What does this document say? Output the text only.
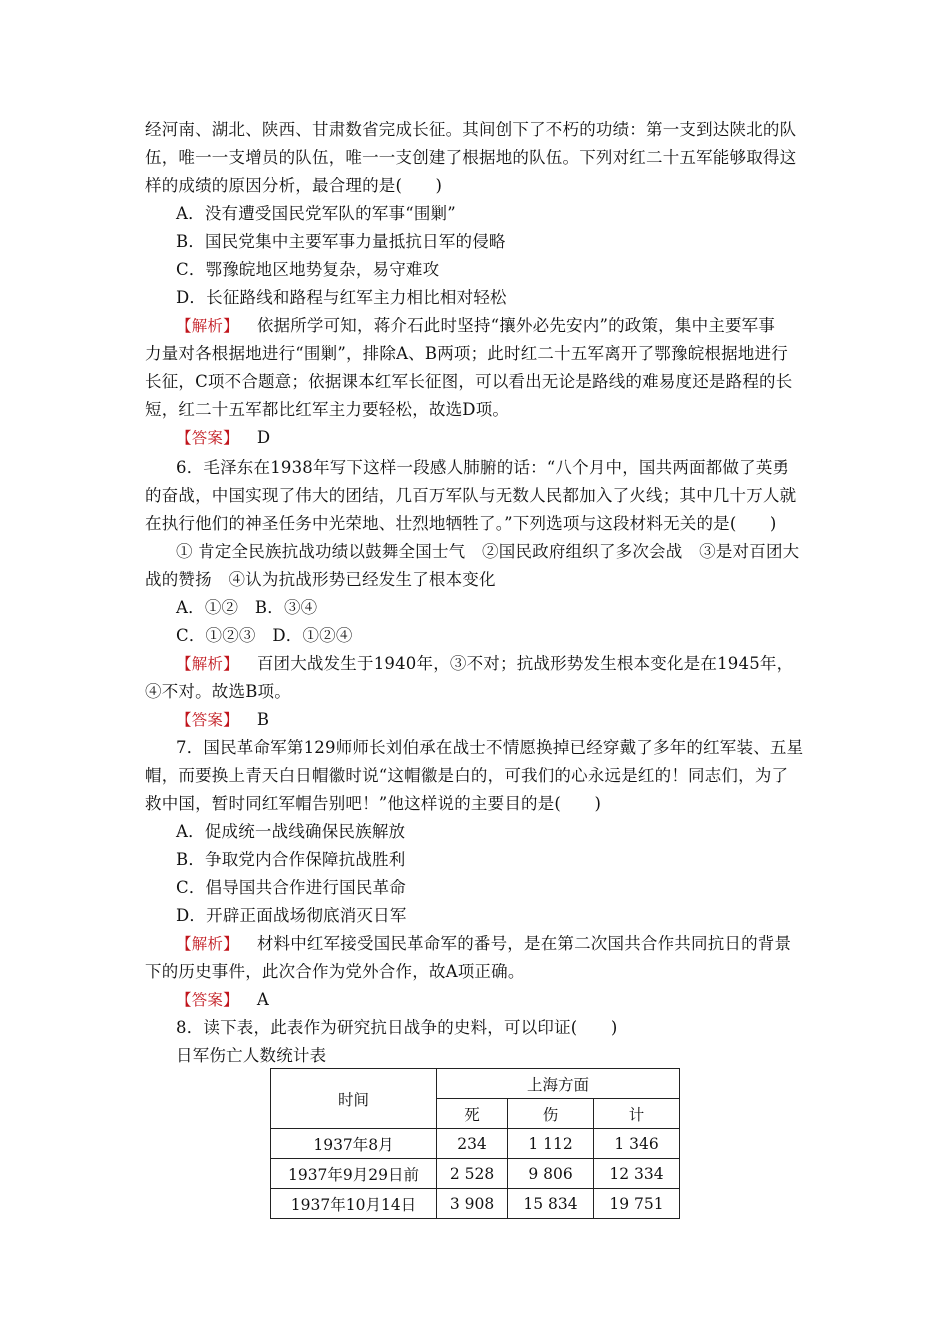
经河南、湖北、陕西、甘肃数省完成长征。其间创下了不朽的功绩：第一支到达陕北的队
伍，唯一一支增员的队伍，唯一一支创建了根据地的队伍。下列对红二十五军能够取得这
样的成绩的原因分析，最合理的是(　　)
A．没有遭受国民党军队的军事“围剿”
B．国民党集中主要军事力量抵抗日军的侵略
C．鄂豫皖地区地势复杂，易守难攻
D．长征路线和路程与红军主力相比相对轻松
【解析】 依据所学可知，蒋介石此时坚持“攘外必先安内”的政策，集中主要军事
力量对各根据地进行“围剿”，排除A、B两项；此时红二十五军离开了鄂豫皖根据地进行
长征，C项不合题意；依据课本红军长征图，可以看出无论是路线的难易度还是路程的长
短，红二十五军都比红军主力要轻松，故选D项。
【答案】 D
6．毛泽东在1938年写下这样一段感人肺腑的话：“八个月中，国共两面都做了英勇
的奋战，中国实现了伟大的团结，几百万军队与无数人民都加入了火线；其中几十万人就
在执行他们的神圣任务中光荣地、壮烈地牺牲了。”下列选项与这段材料无关的是(　　)
① 肯定全民族抗战功绩以鼓舞全国士气　②国民政府组织了多次会战　③是对百团大
战的赞扬　④认为抗战形势已经发生了根本变化
A．①②　B．③④
C．①②③　D．①②④
【解析】 百团大战发生于1940年，③不对；抗战形势发生根本变化是在1945年，
④不对。故选B项。
【答案】 B
7．国民革命军第129师师长刘伯承在战士不情愿换掉已经穿戴了多年的红军装、五星
帽，而要换上青天白日帽徽时说“这帽徽是白的，可我们的心永远是红的！同志们，为了
救中国，暂时同红军帽告别吧！”他这样说的主要目的是(　　)
A．促成统一战线确保民族解放
B．争取党内合作保障抗战胜利
C．倡导国共合作进行国民革命
D．开辟正面战场彻底消灭日军
【解析】 材料中红军接受国民革命军的番号，是在第二次国共合作共同抗日的背景
下的历史事件，此次合作为党外合作，故A项正确。
【答案】 A
8．读下表，此表作为研究抗日战争的史料，可以印证(　　)
日军伤亡人数统计表
时间	上海方面		
	死	伤	计
1937年8月	234	1 112	1 346
1937年9月29日前	2 528	9 806	12 334
1937年10月14日	3 908	15 834	19 751
